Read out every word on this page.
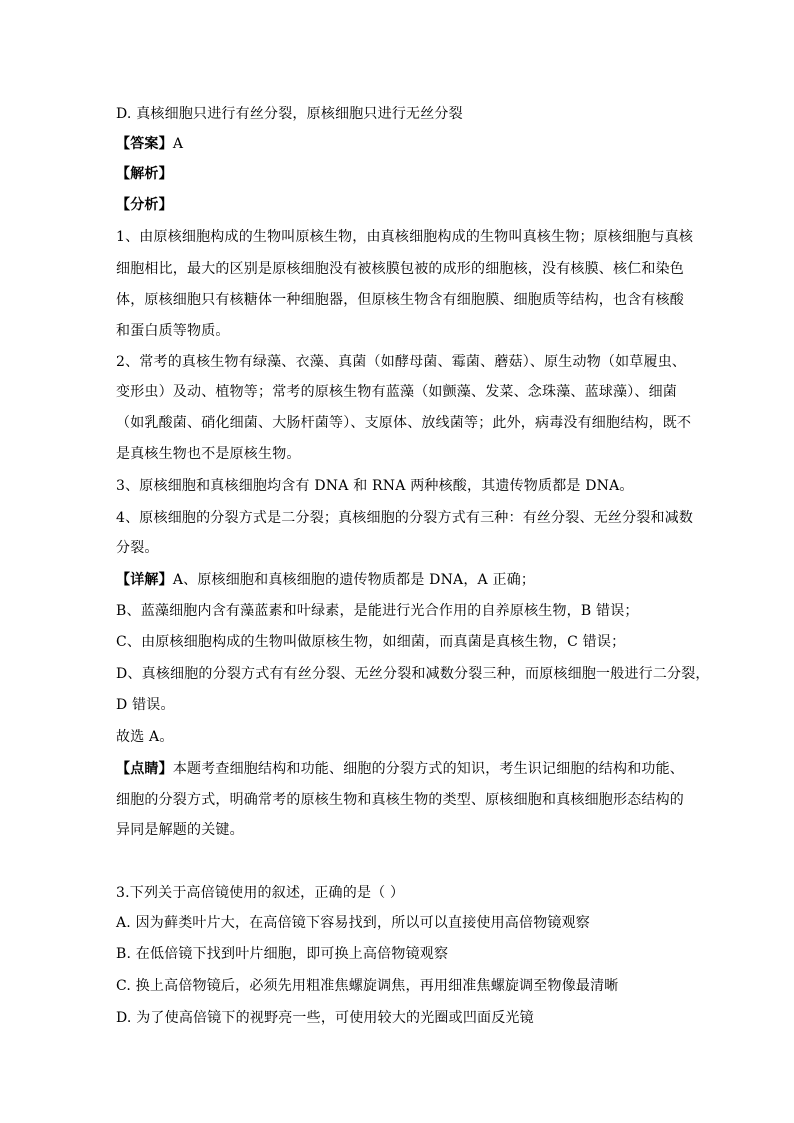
D. 真核细胞只进行有丝分裂，原核细胞只进行无丝分裂
【答案】A
【解析】
【分析】
1、由原核细胞构成的生物叫原核生物，由真核细胞构成的生物叫真核生物；原核细胞与真核
细胞相比，最大的区别是原核细胞没有被核膜包被的成形的细胞核，没有核膜、核仁和染色
体，原核细胞只有核糖体一种细胞器，但原核生物含有细胞膜、细胞质等结构，也含有核酸
和蛋白质等物质。
2、常考的真核生物有绿藻、衣藻、真菌（如酵母菌、霉菌、蘑菇）、原生动物（如草履虫、
变形虫）及动、植物等；常考的原核生物有蓝藻（如颤藻、发菜、念珠藻、蓝球藻）、细菌
（如乳酸菌、硝化细菌、大肠杆菌等）、支原体、放线菌等；此外，病毒没有细胞结构，既不
是真核生物也不是原核生物。
3、原核细胞和真核细胞均含有 DNA 和 RNA 两种核酸，其遗传物质都是 DNA。
4、原核细胞的分裂方式是二分裂；真核细胞的分裂方式有三种：有丝分裂、无丝分裂和减数
分裂。
【详解】A、原核细胞和真核细胞的遗传物质都是 DNA，A 正确；
B、蓝藻细胞内含有藻蓝素和叶绿素，是能进行光合作用的自养原核生物，B 错误；
C、由原核细胞构成的生物叫做原核生物，如细菌，而真菌是真核生物，C 错误；
D、真核细胞的分裂方式有有丝分裂、无丝分裂和减数分裂三种，而原核细胞一般进行二分裂，
D 错误。
故选 A。
【点睛】本题考查细胞结构和功能、细胞的分裂方式的知识，考生识记细胞的结构和功能、
细胞的分裂方式，明确常考的原核生物和真核生物的类型、原核细胞和真核细胞形态结构的
异同是解题的关键。
3.下列关于高倍镜使用的叙述，正确的是（ ）
A. 因为藓类叶片大，在高倍镜下容易找到，所以可以直接使用高倍物镜观察
B. 在低倍镜下找到叶片细胞，即可换上高倍物镜观察
C. 换上高倍物镜后，必须先用粗准焦螺旋调焦，再用细准焦螺旋调至物像最清晰
D. 为了使高倍镜下的视野亮一些，可使用较大的光圈或凹面反光镜
